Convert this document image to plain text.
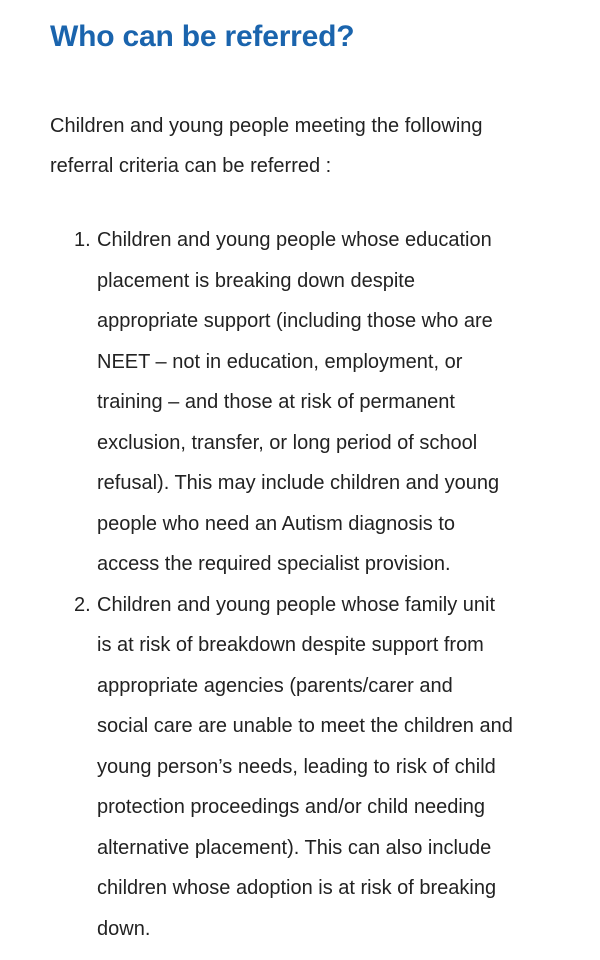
Who can be referred?

Children and young people meeting the following
referral criteria can be referred :

1. Children and young people whose education
placement is breaking down despite
appropriate support (including those who are
NEET – not in education, employment, or
training – and those at risk of permanent
exclusion, transfer, or long period of school
refusal). This may include children and young
people who need an Autism diagnosis to
access the required specialist provision.
2. Children and young people whose family unit
is at risk of breakdown despite support from
appropriate agencies (parents/carer and
social care are unable to meet the children and
young person’s needs, leading to risk of child
protection proceedings and/or child needing
alternative placement). This can also include
children whose adoption is at risk of breaking
down.
